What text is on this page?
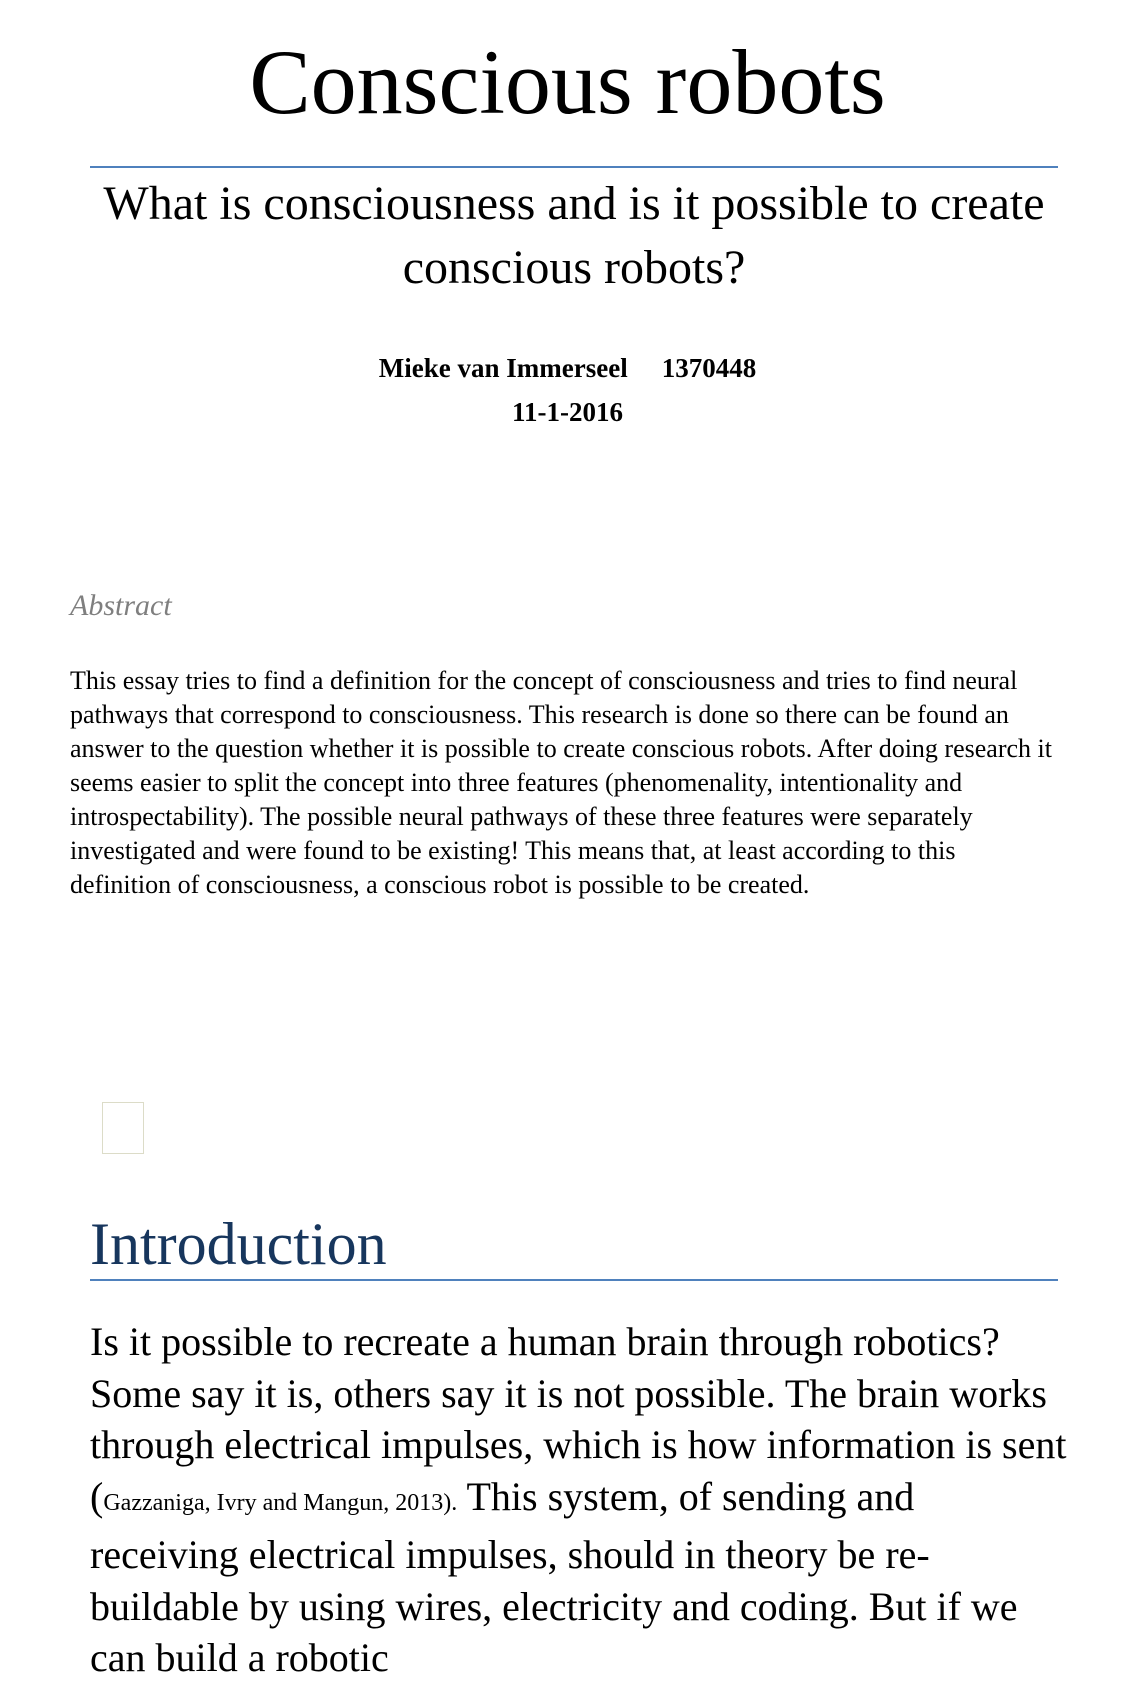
Conscious robots
What is consciousness and is it possible to create conscious robots?
Mieke van Immerseel 1370448
11-1-2016
Abstract

This essay tries to find a definition for the concept of consciousness and tries to find neural pathways that correspond to consciousness. This research is done so there can be found an answer to the question whether it is possible to create conscious robots. After doing research it seems easier to split the concept into three features (phenomenality, intentionality and introspectability). The possible neural pathways of these three features were separately investigated and were found to be existing! This means that, at least according to this definition of consciousness, a conscious robot is possible to be created.

Introduction

Is it possible to recreate a human brain through robotics? Some say it is, others say it is not possible. The brain works through electrical impulses, which is how information is sent (Gazzaniga, Ivry and Mangun, 2013). This system, of sending and receiving electrical impulses, should in theory be re-buildable by using wires, electricity and coding. But if we can build a robotic
